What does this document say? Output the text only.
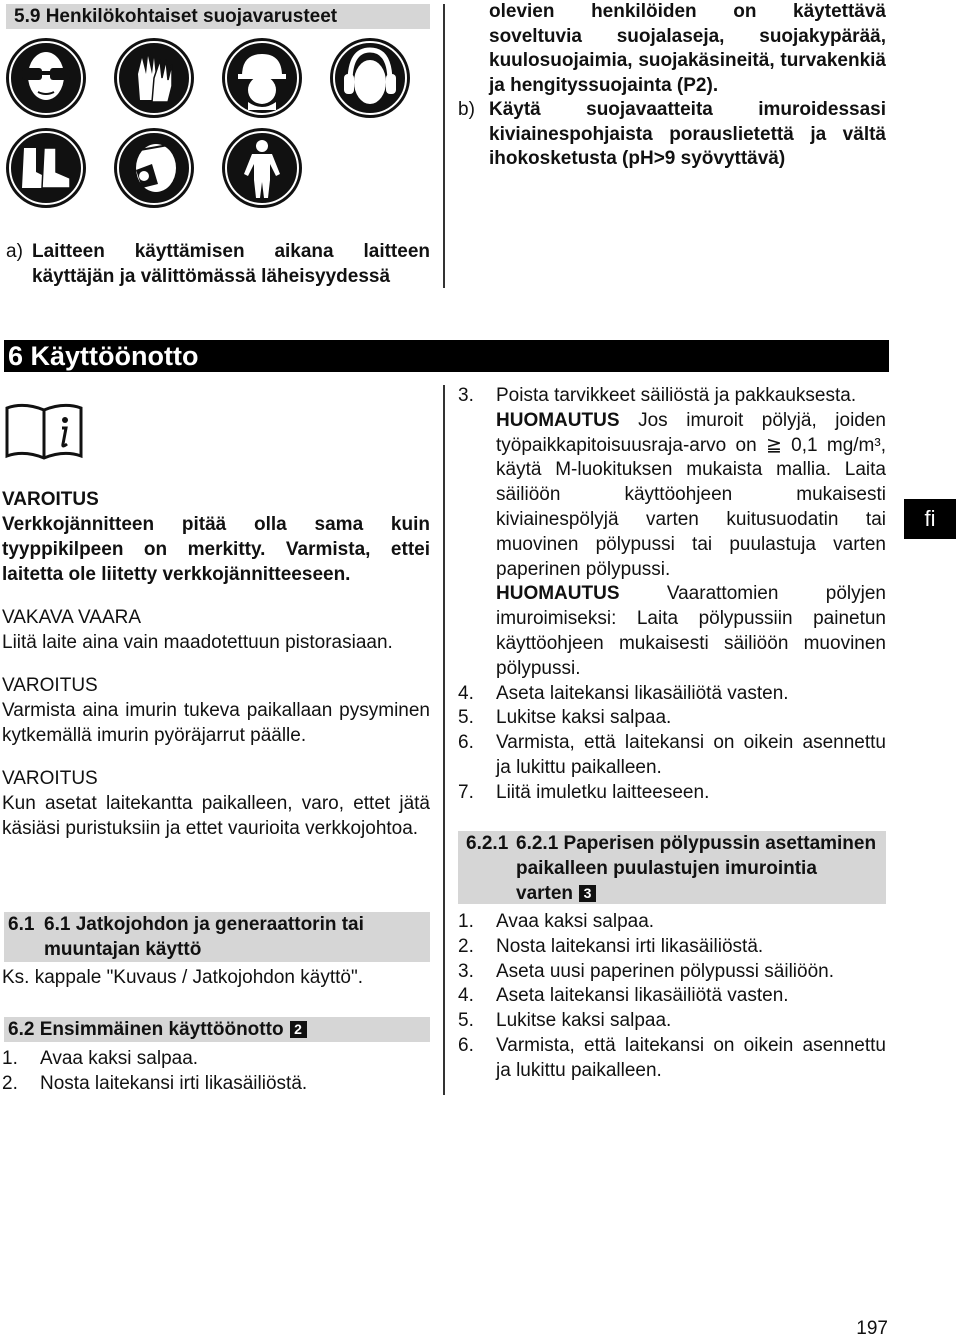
5.9 Henkilökohtaiset suojavarusteet
a) Laitteen käyttämisen aikana laitteen käyttäjän ja välittömässä läheisyydessä
olevien henkilöiden on käytettävä soveltuvia suojalaseja, suojakypärää, kuulosuojaimia, suojakäsineitä, turvakenkiä ja hengityssuojainta (P2).
b) Käytä suojavaatteita imuroidessasi kiviainespohjaista porauslietettä ja vältä ihokosketusta (pH>9 syövyttävä)
6 Käyttöönotto
VAROITUS
Verkkojännitteen pitää olla sama kuin tyyppikilpeen on merkitty. Varmista, ettei laitetta ole liitetty verkkojännitteeseen.
VAKAVA VAARA
Liitä laite aina vain maadotettuun pistorasiaan.
VAROITUS
Varmista aina imurin tukeva paikallaan pysyminen kytkemällä imurin pyöräjarrut päälle.
VAROITUS
Kun asetat laitekantta paikalleen, varo, ettet jätä käsiäsi puristuksiin ja ettet vaurioita verkkojohtoa.
6.1 6.1 Jatkojohdon ja generaattorin tai muuntajan käyttö
Ks. kappale "Kuvaus / Jatkojohdon käyttö".
6.2 Ensimmäinen käyttöönotto 2
1.	Avaa kaksi salpaa.
2.	Nosta laitekansi irti likasäiliöstä.
3.	Poista tarvikkeet säiliöstä ja pakkauksesta.
HUOMAUTUS Jos imuroit pölyjä, joiden työpaikkapitoisuusraja-arvo on ≧ 0,1 mg/m³, käytä M-luokituksen mukaista mallia. Laita säiliöön käyttöohjeen mukaisesti kiviainespölyjä varten kuitusuodatin tai muovinen pölypussi tai puulastuja varten paperinen pölypussi.
HUOMAUTUS Vaarattomien pölyjen imuroimiseksi: Laita pölypussiin painetun käyttöohjeen mukaisesti säiliöön muovinen pölypussi.
4.	Aseta laitekansi likasäiliötä vasten.
5.	Lukitse kaksi salpaa.
6.	Varmista, että laitekansi on oikein asennettu ja lukittu paikalleen.
7.	Liitä imuletku laitteeseen.
6.2.1 6.2.1 Paperisen pölypussin asettaminen paikalleen puulastujen imurointia varten 3
1.	Avaa kaksi salpaa.
2.	Nosta laitekansi irti likasäiliöstä.
3.	Aseta uusi paperinen pölypussi säiliöön.
4.	Aseta laitekansi likasäiliötä vasten.
5.	Lukitse kaksi salpaa.
6.	Varmista, että laitekansi on oikein asennettu ja lukittu paikalleen.
fi
197
